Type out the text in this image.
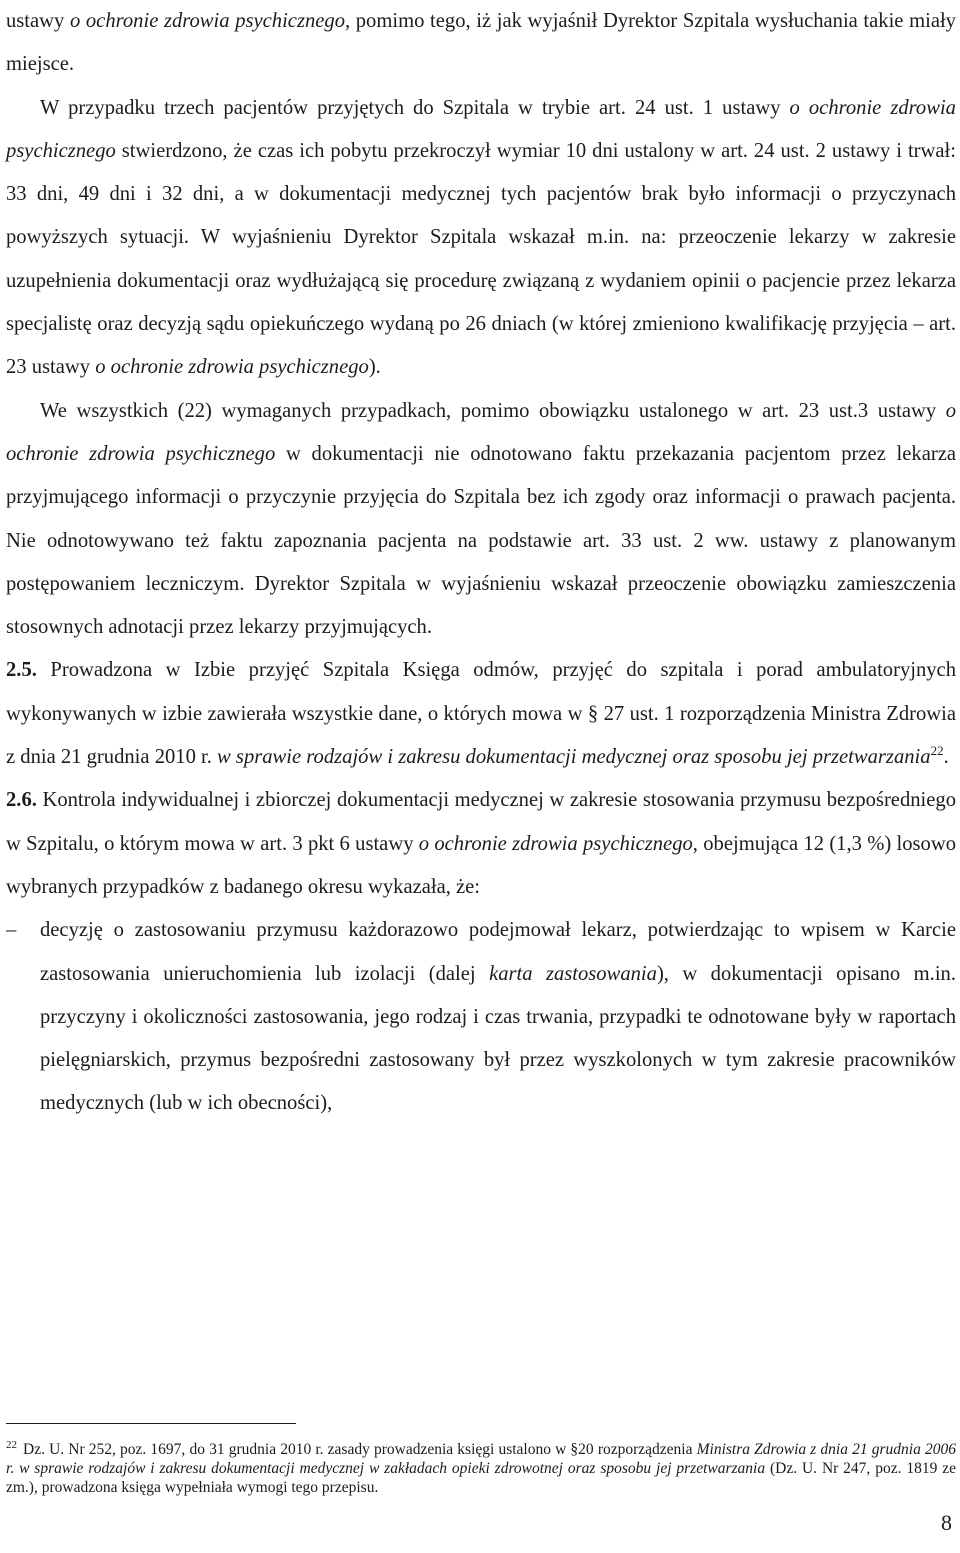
ustawy o ochronie zdrowia psychicznego, pomimo tego, iż jak wyjaśnił Dyrektor Szpitala wysłuchania takie miały miejsce.

W przypadku trzech pacjentów przyjętych do Szpitala w trybie art. 24 ust. 1 ustawy o ochronie zdrowia psychicznego stwierdzono, że czas ich pobytu przekroczył wymiar 10 dni ustalony w art. 24 ust. 2 ustawy i trwał: 33 dni, 49 dni i 32 dni, a w dokumentacji medycznej tych pacjentów brak było informacji o przyczynach powyższych sytuacji. W wyjaśnieniu Dyrektor Szpitala wskazał m.in. na: przeoczenie lekarzy w zakresie uzupełnienia dokumentacji oraz wydłużającą się procedurę związaną z wydaniem opinii o pacjencie przez lekarza specjalistę oraz decyzją sądu opiekuńczego wydaną po 26 dniach (w której zmieniono kwalifikację przyjęcia – art. 23 ustawy o ochronie zdrowia psychicznego).

We wszystkich (22) wymaganych przypadkach, pomimo obowiązku ustalonego w art. 23 ust.3 ustawy o ochronie zdrowia psychicznego w dokumentacji nie odnotowano faktu przekazania pacjentom przez lekarza przyjmującego informacji o przyczynie przyjęcia do Szpitala bez ich zgody oraz informacji o prawach pacjenta. Nie odnotowywano też faktu zapoznania pacjenta na podstawie art. 33 ust. 2 ww. ustawy z planowanym postępowaniem leczniczym. Dyrektor Szpitala w wyjaśnieniu wskazał przeoczenie obowiązku zamieszczenia stosownych adnotacji przez lekarzy przyjmujących.

2.5. Prowadzona w Izbie przyjęć Szpitala Księga odmów, przyjęć do szpitala i porad ambulatoryjnych wykonywanych w izbie zawierała wszystkie dane, o których mowa w § 27 ust. 1 rozporządzenia Ministra Zdrowia z dnia 21 grudnia 2010 r. w sprawie rodzajów i zakresu dokumentacji medycznej oraz sposobu jej przetwarzania$^{22}$.

2.6. Kontrola indywidualnej i zbiorczej dokumentacji medycznej w zakresie stosowania przymusu bezpośredniego w Szpitalu, o którym mowa w art. 3 pkt 6 ustawy o ochronie zdrowia psychicznego, obejmująca 12 (1,3 %) losowo wybranych przypadków z badanego okresu wykazała, że:

– decyzję o zastosowaniu przymusu każdorazowo podejmował lekarz, potwierdzając to wpisem w Karcie zastosowania unieruchomienia lub izolacji (dalej karta zastosowania), w dokumentacji opisano m.in. przyczyny i okoliczności zastosowania, jego rodzaj i czas trwania, przypadki te odnotowane były w raportach pielęgniarskich, przymus bezpośredni zastosowany był przez wyszkolonych w tym zakresie pracowników medycznych (lub w ich obecności),

$^{22}$ Dz. U. Nr 252, poz. 1697, do 31 grudnia 2010 r. zasady prowadzenia księgi ustalono w §20 rozporządzenia Ministra Zdrowia z dnia 21 grudnia 2006 r. w sprawie rodzajów i zakresu dokumentacji medycznej w zakładach opieki zdrowotnej oraz sposobu jej przetwarzania (Dz. U. Nr 247, poz. 1819 ze zm.), prowadzona księga wypełniała wymogi tego przepisu.

8
